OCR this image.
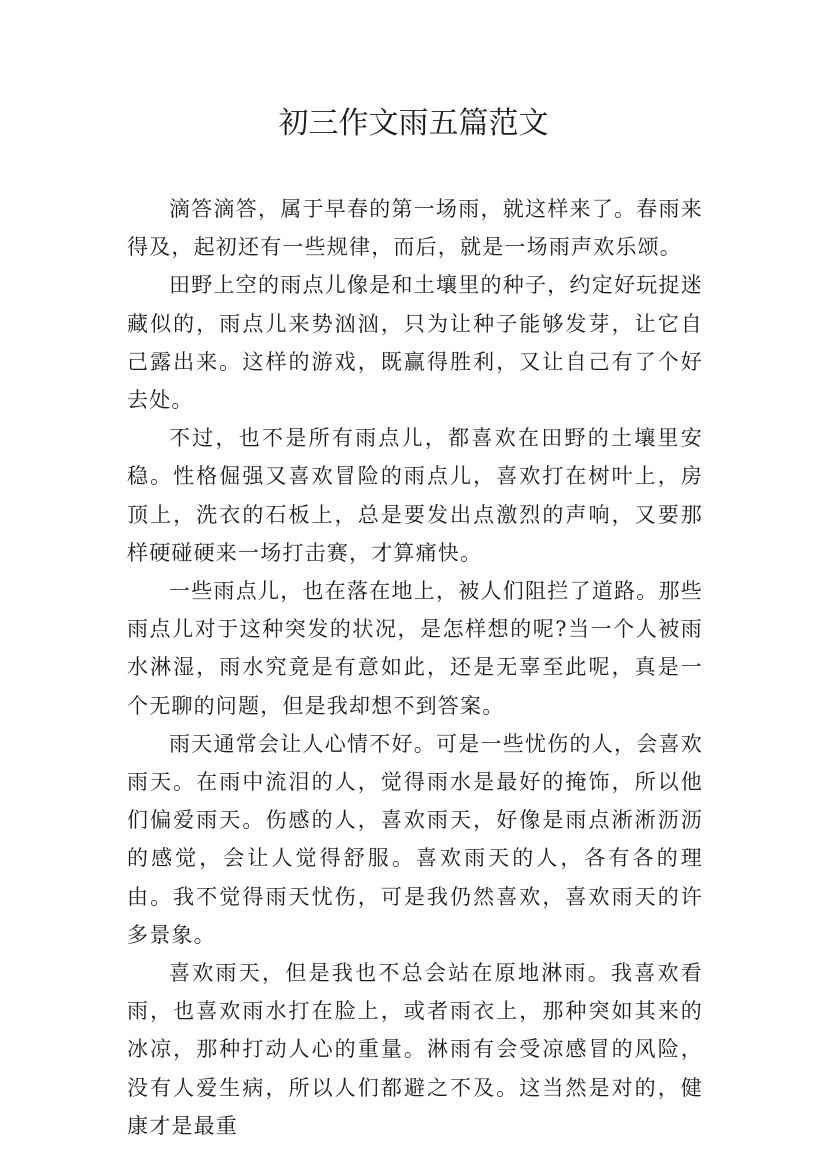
初三作文雨五篇范文

滴答滴答，属于早春的第一场雨，就这样来了。春雨来得及，起初还有一些规律，而后，就是一场雨声欢乐颂。

田野上空的雨点儿像是和土壤里的种子，约定好玩捉迷藏似的，雨点儿来势汹汹，只为让种子能够发芽，让它自己露出来。这样的游戏，既赢得胜利，又让自己有了个好去处。

不过，也不是所有雨点儿，都喜欢在田野的土壤里安稳。性格倔强又喜欢冒险的雨点儿，喜欢打在树叶上，房顶上，洗衣的石板上，总是要发出点激烈的声响，又要那样硬碰硬来一场打击赛，才算痛快。

一些雨点儿，也在落在地上，被人们阻拦了道路。那些雨点儿对于这种突发的状况，是怎样想的呢?当一个人被雨水淋湿，雨水究竟是有意如此，还是无辜至此呢，真是一个无聊的问题，但是我却想不到答案。

雨天通常会让人心情不好。可是一些忧伤的人，会喜欢雨天。在雨中流泪的人，觉得雨水是最好的掩饰，所以他们偏爱雨天。伤感的人，喜欢雨天，好像是雨点淅淅沥沥的感觉，会让人觉得舒服。喜欢雨天的人，各有各的理由。我不觉得雨天忧伤，可是我仍然喜欢，喜欢雨天的许多景象。

喜欢雨天，但是我也不总会站在原地淋雨。我喜欢看雨，也喜欢雨水打在脸上，或者雨衣上，那种突如其来的冰凉，那种打动人心的重量。淋雨有会受凉感冒的风险，没有人爱生病，所以人们都避之不及。这当然是对的，健康才是最重
